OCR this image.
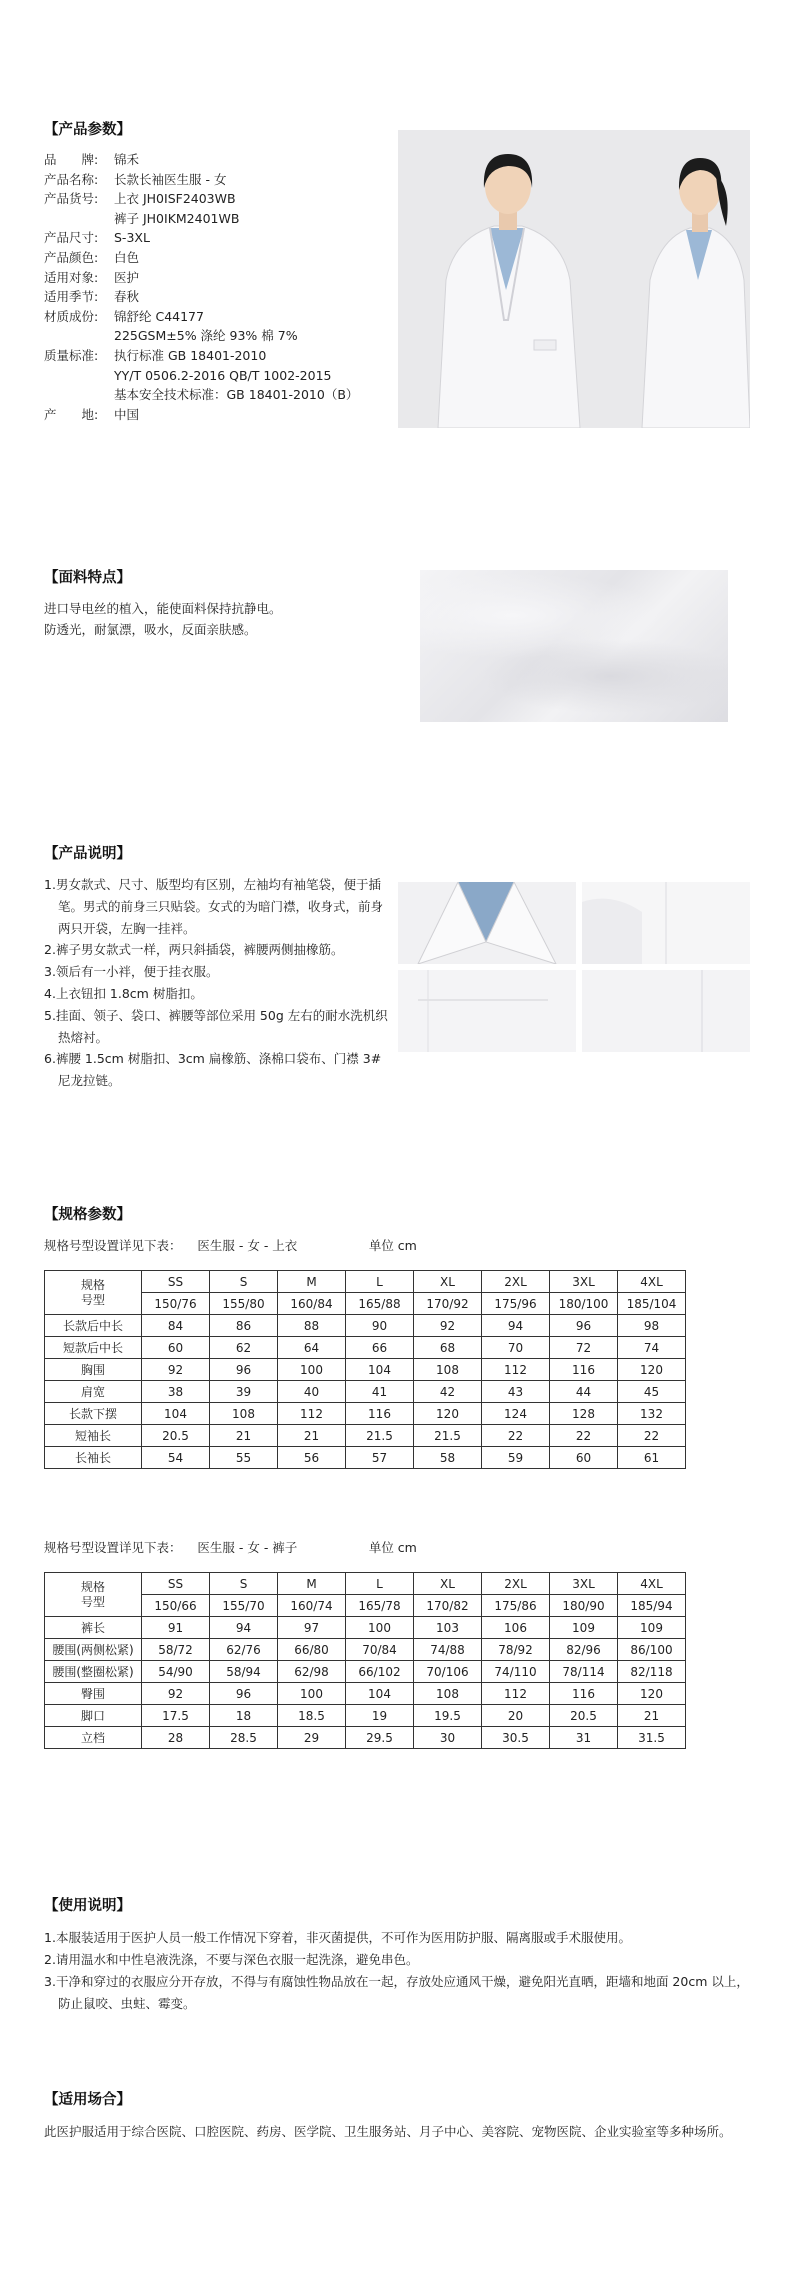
【产品参数】
品　　牌:	锦禾
产品名称:	长款长袖医生服 - 女
产品货号:	上衣 JH0ISF2403WB
裤子 JH0IKM2401WB
产品尺寸:	S-3XL
产品颜色:	白色
适用对象:	医护
适用季节:	春秋
材质成份:	锦舒纶 C44177
225GSM±5% 涤纶 93% 棉 7%
质量标准:	执行标准 GB 18401-2010
YY/T 0506.2-2016 QB/T 1002-2015
基本安全技术标准：GB 18401-2010（B）
产　　地:	中国
【面料特点】
进口导电丝的植入，能使面料保持抗静电。
防透光，耐氯漂，吸水，反面亲肤感。
【产品说明】
1.男女款式、尺寸、版型均有区别，左袖均有袖笔袋，便于插笔。男式的前身三只贴袋。女式的为暗门襟，收身式，前身两只开袋，左胸一挂袢。
2.裤子男女款式一样，两只斜插袋，裤腰两侧抽橡筋。
3.领后有一小袢，便于挂衣服。
4.上衣钮扣 1.8cm 树脂扣。
5.挂面、领子、袋口、裤腰等部位采用 50g 左右的耐水洗机织热熔衬。
6.裤腰 1.5cm 树脂扣、3cm 扁橡筋、涤棉口袋布、门襟 3# 尼龙拉链。
【规格参数】
规格号型设置详见下表：    医生服 - 女 - 上衣                  单位 cm
规格
号型	SS	S	M	L	XL	2XL	3XL	4XL
	150/76	155/80	160/84	165/88	170/92	175/96	180/100	185/104
长款后中长	84	86	88	90	92	94	96	98
短款后中长	60	62	64	66	68	70	72	74
胸围	92	96	100	104	108	112	116	120
肩宽	38	39	40	41	42	43	44	45
长款下摆	104	108	112	116	120	124	128	132
短袖长	20.5	21	21	21.5	21.5	22	22	22
长袖长	54	55	56	57	58	59	60	61
规格号型设置详见下表：    医生服 - 女 - 裤子                  单位 cm
规格
号型	SS	S	M	L	XL	2XL	3XL	4XL
	150/66	155/70	160/74	165/78	170/82	175/86	180/90	185/94
裤长	91	94	97	100	103	106	109	109
腰围(两侧松紧)	58/72	62/76	66/80	70/84	74/88	78/92	82/96	86/100
腰围(整圈松紧)	54/90	58/94	62/98	66/102	70/106	74/110	78/114	82/118
臀围	92	96	100	104	108	112	116	120
脚口	17.5	18	18.5	19	19.5	20	20.5	21
立档	28	28.5	29	29.5	30	30.5	31	31.5
【使用说明】
1.本服装适用于医护人员一般工作情况下穿着，非灭菌提供，不可作为医用防护服、隔离服或手术服使用。
2.请用温水和中性皂液洗涤，不要与深色衣服一起洗涤，避免串色。
3.干净和穿过的衣服应分开存放，不得与有腐蚀性物品放在一起，存放处应通风干燥，避免阳光直晒，距墙和地面 20cm 以上，防止鼠咬、虫蛀、霉变。
【适用场合】
此医护服适用于综合医院、口腔医院、药房、医学院、卫生服务站、月子中心、美容院、宠物医院、企业实验室等多种场所。
